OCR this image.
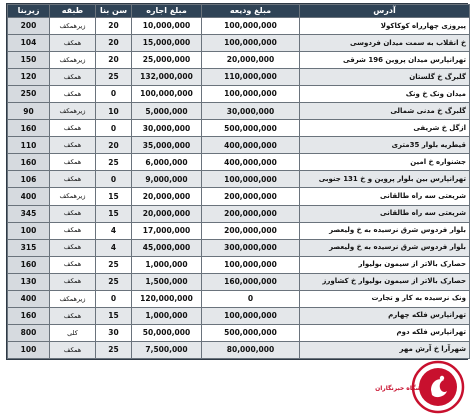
آدرس	مبلغ ودیعه	مبلغ اجاره	سن بنا	طبقه	زیربنا
پیروزی چهارراه کوکاکولا	100,000,000	10,000,000	20	زیرهمکف	200
خ انقلاب به سمت میدان فردوسی	100,000,000	15,000,000	20	همکف	104
تهرانپارس میدان پروین 196 شرقی	20,000,000	25,000,000	20	زیرهمکف	150
گلبرگ خ گلستان	110,000,000	132,000,000	25	همکف	120
میدان ونک خ ونک	100,000,000	100,000,000	0	همکف	250
گلبرگ خ مدنی شمالی	30,000,000	5,000,000	10	زیرهمکف	90
ازگل خ شریفی	500,000,000	30,000,000	0	همکف	160
قیطریه بلوار 35متری	400,000,000	35,000,000	20	همکف	110
جشنواره خ امین	400,000,000	6,000,000	25	همکف	160
تهرانپارس بین بلوار پروین و خ 131 جنوبی	100,000,000	9,000,000	0	همکف	106
شریعتی سه راه طالقانی	200,000,000	20,000,000	15	زیرهمکف	400
شریعتی سه راه طالقانی	200,000,000	20,000,000	15	همکف	345
بلوار فردوس شرق نرسیده به خ ولیعصر	200,000,000	17,000,000	4	همکف	100
بلوار فردوس شرق نرسیده به خ ولیعصر	300,000,000	45,000,000	4	همکف	315
حصارک بالاتر از سیمون بولیوار	100,000,000	1,000,000	25	همکف	160
حصارک بالاتر از سیمون بولیوار خ کشاورز	160,000,000	1,500,000	25	همکف	130
ونک نرسیده به کار و تجارت	0	120,000,000	0	زیرهمکف	400
تهرانپارس فلکه چهارم	100,000,000	1,000,000	15	همکف	160
تهرانپارس فلکه دوم	500,000,000	50,000,000	30	کلی	800
شهرآرا خ آرش مهر	80,000,000	7,500,000	25	همکف	100
باشگاه خبرنگاران
